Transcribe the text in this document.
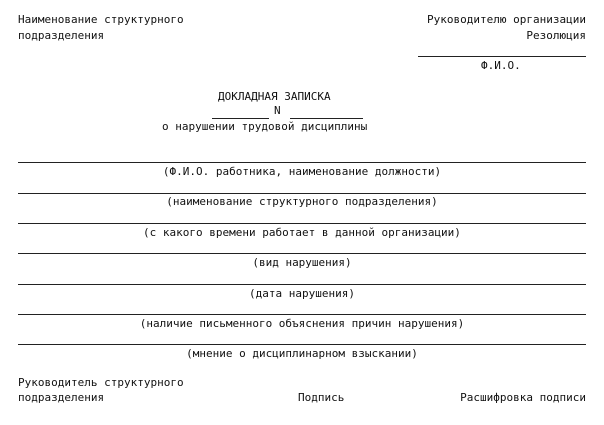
Наименование структурного
подразделения
Руководителю организации
Резолюция
Ф.И.О.
ДОКЛАДНАЯ ЗАПИСКА
N
о нарушении трудовой дисциплины
(Ф.И.О. работника, наименование должности)
(наименование структурного подразделения)
(с какого времени работает в данной организации)
(вид нарушения)
(дата нарушения)
(наличие письменного объяснения причин нарушения)
(мнение о дисциплинарном взыскании)
Руководитель структурного
подразделения	Подпись	Расшифровка подписи
